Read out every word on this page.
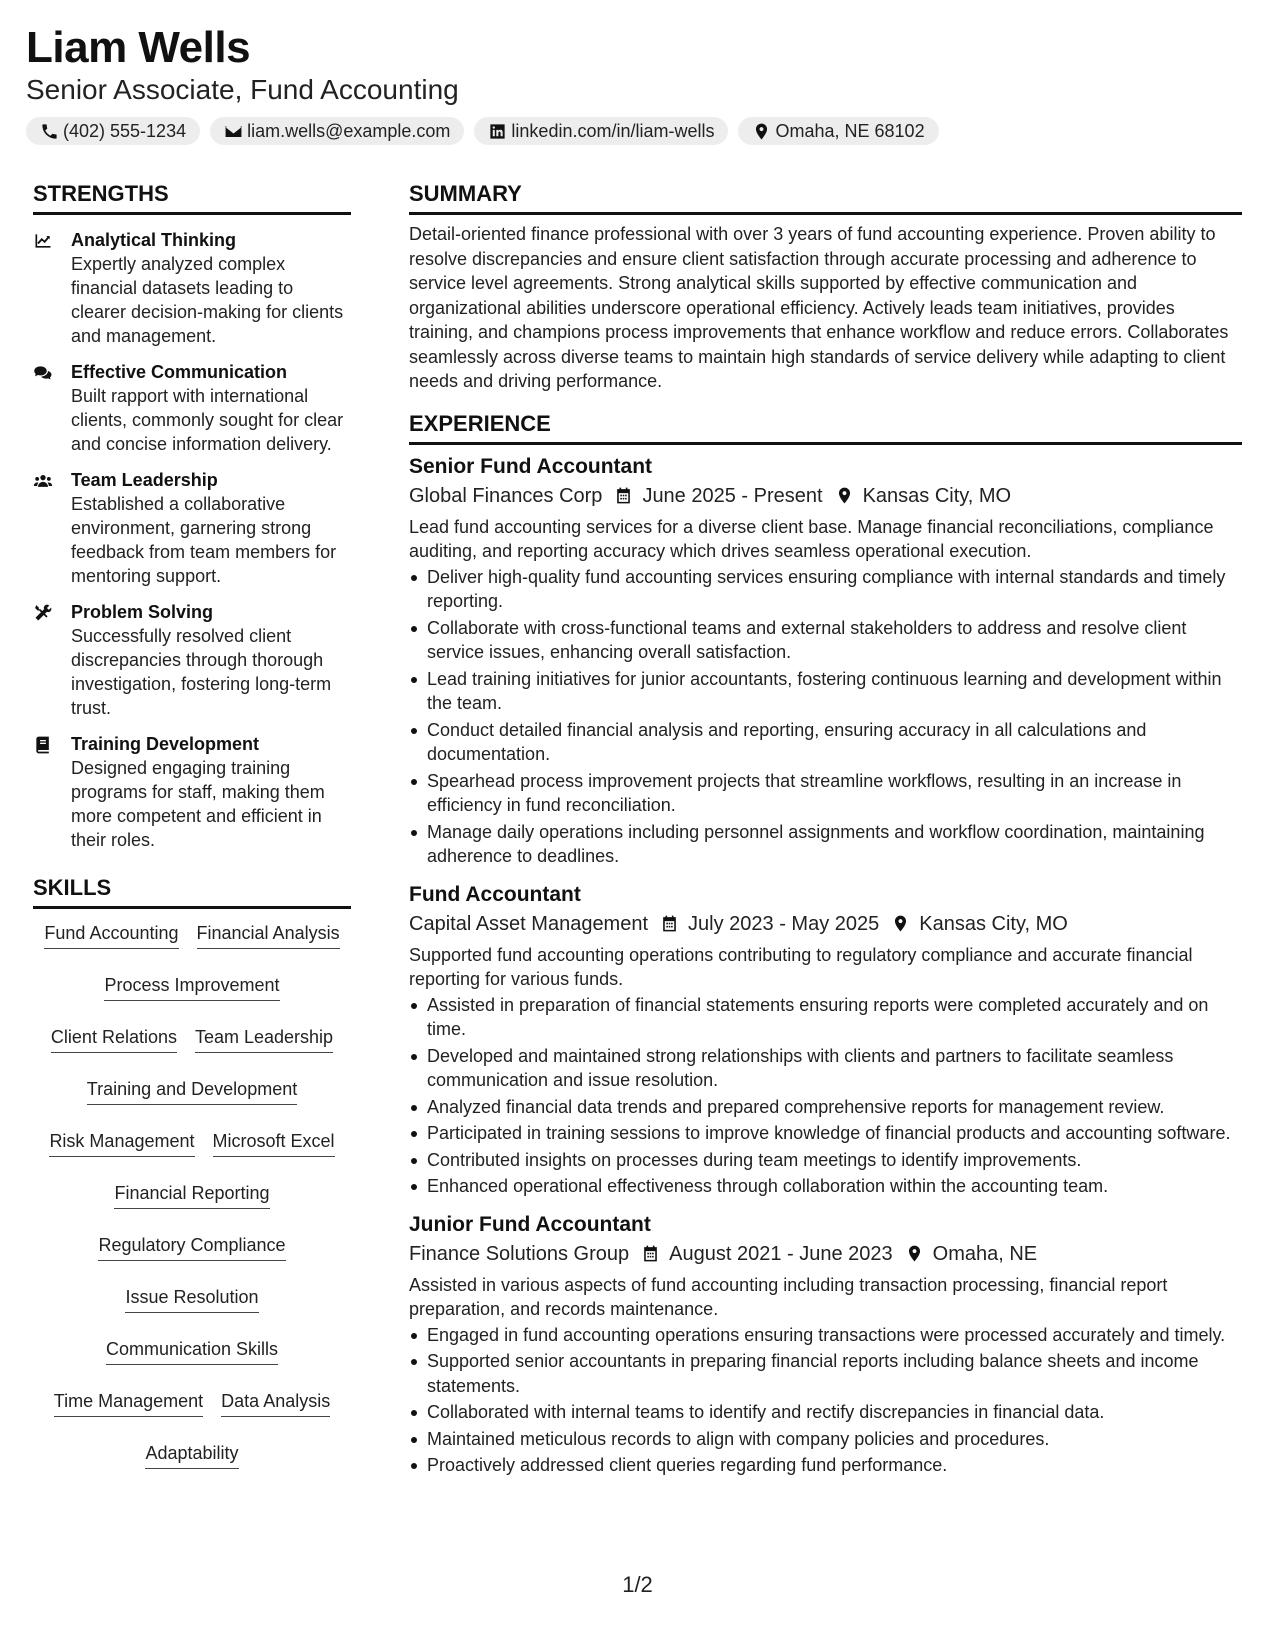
Liam Wells
Senior Associate, Fund Accounting
(402) 555-1234	liam.wells@example.com	linkedin.com/in/liam-wells	Omaha, NE 68102
STRENGTHS
Analytical Thinking
Expertly analyzed complex financial datasets leading to clearer decision-making for clients and management.
Effective Communication
Built rapport with international clients, commonly sought for clear and concise information delivery.
Team Leadership
Established a collaborative environment, garnering strong feedback from team members for mentoring support.
Problem Solving
Successfully resolved client discrepancies through thorough investigation, fostering long-term trust.
Training Development
Designed engaging training programs for staff, making them more competent and efficient in their roles.
SKILLS
Fund Accounting Financial Analysis
Process Improvement
Client Relations Team Leadership
Training and Development
Risk Management Microsoft Excel
Financial Reporting
Regulatory Compliance
Issue Resolution
Communication Skills
Time Management Data Analysis
Adaptability
SUMMARY
Detail-oriented finance professional with over 3 years of fund accounting experience. Proven ability to resolve discrepancies and ensure client satisfaction through accurate processing and adherence to service level agreements. Strong analytical skills supported by effective communication and organizational abilities underscore operational efficiency. Actively leads team initiatives, provides training, and champions process improvements that enhance workflow and reduce errors. Collaborates seamlessly across diverse teams to maintain high standards of service delivery while adapting to client needs and driving performance.
EXPERIENCE
Senior Fund Accountant
Global Finances Corp June 2025 - Present Kansas City, MO
Lead fund accounting services for a diverse client base. Manage financial reconciliations, compliance auditing, and reporting accuracy which drives seamless operational execution.
Deliver high-quality fund accounting services ensuring compliance with internal standards and timely reporting.
Collaborate with cross-functional teams and external stakeholders to address and resolve client service issues, enhancing overall satisfaction.
Lead training initiatives for junior accountants, fostering continuous learning and development within the team.
Conduct detailed financial analysis and reporting, ensuring accuracy in all calculations and documentation.
Spearhead process improvement projects that streamline workflows, resulting in an increase in efficiency in fund reconciliation.
Manage daily operations including personnel assignments and workflow coordination, maintaining adherence to deadlines.
Fund Accountant
Capital Asset Management July 2023 - May 2025 Kansas City, MO
Supported fund accounting operations contributing to regulatory compliance and accurate financial reporting for various funds.
Assisted in preparation of financial statements ensuring reports were completed accurately and on time.
Developed and maintained strong relationships with clients and partners to facilitate seamless communication and issue resolution.
Analyzed financial data trends and prepared comprehensive reports for management review.
Participated in training sessions to improve knowledge of financial products and accounting software.
Contributed insights on processes during team meetings to identify improvements.
Enhanced operational effectiveness through collaboration within the accounting team.
Junior Fund Accountant
Finance Solutions Group August 2021 - June 2023 Omaha, NE
Assisted in various aspects of fund accounting including transaction processing, financial report preparation, and records maintenance.
Engaged in fund accounting operations ensuring transactions were processed accurately and timely.
Supported senior accountants in preparing financial reports including balance sheets and income statements.
Collaborated with internal teams to identify and rectify discrepancies in financial data.
Maintained meticulous records to align with company policies and procedures.
Proactively addressed client queries regarding fund performance.
1/2
